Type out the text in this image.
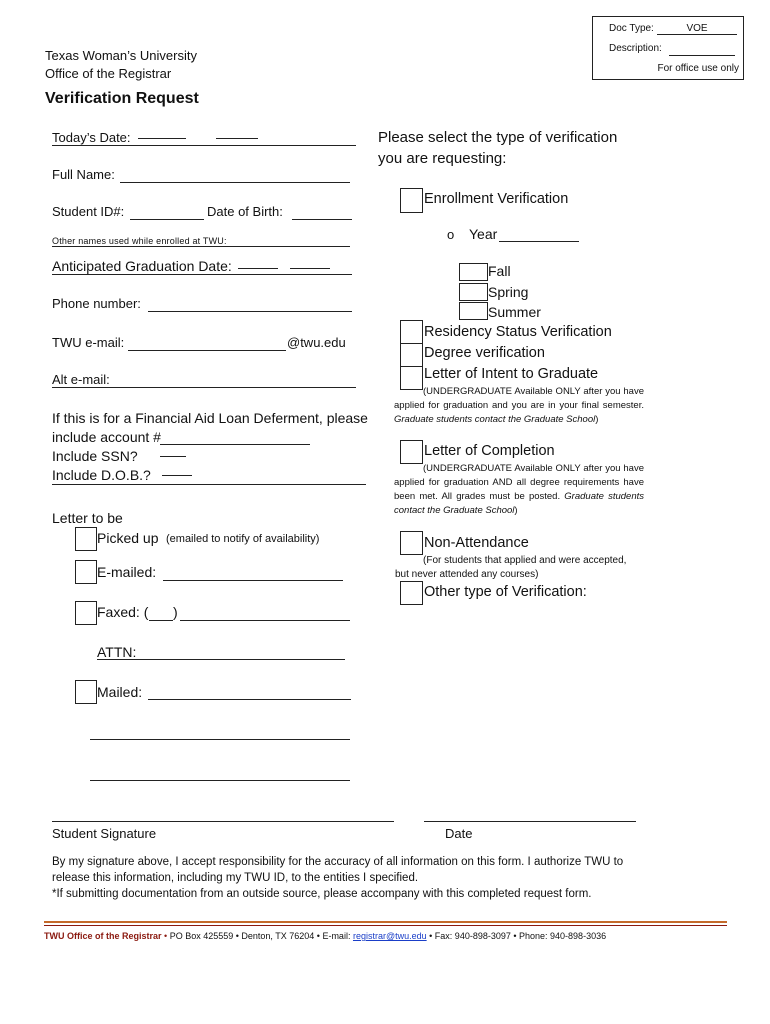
Doc Type:	VOE
Description:
For office use only
Texas Woman’s University
Office of the Registrar
Verification Request
Today’s Date:
Full Name:
Student ID#:	Date of Birth:
Other names used while enrolled at TWU:
Anticipated Graduation Date:
Phone number:
TWU e-mail:	@twu.edu
Alt e-mail:
If this is for a Financial Aid Loan Deferment, please
include account #
Include SSN?
Include D.O.B.?
Letter to be
Picked up (emailed to notify of availability)
E-mailed:
Faxed: ( )
ATTN:
Mailed:
Please select the type of verification
you are requesting:
Enrollment Verification
o Year
Fall
Spring
Summer
Residency Status Verification
Degree verification
Letter of Intent to Graduate
(UNDERGRADUATE Available ONLY after you have applied for graduation and you are in your final semester. Graduate students contact the Graduate School)
Letter of Completion
(UNDERGRADUATE Available ONLY after you have applied for graduation AND all degree requirements have been met. All grades must be posted. Graduate students contact the Graduate School)
Non-Attendance
(For students that applied and were accepted,
but never attended any courses)
Other type of Verification:
Student Signature	Date
By my signature above, I accept responsibility for the accuracy of all information on this form. I authorize TWU to
release this information, including my TWU ID, to the entities I specified.
*If submitting documentation from an outside source, please accompany with this completed request form.
TWU Office of the Registrar • PO Box 425559 • Denton, TX 76204 • E-mail: registrar@twu.edu • Fax: 940-898-3097 • Phone: 940-898-3036
